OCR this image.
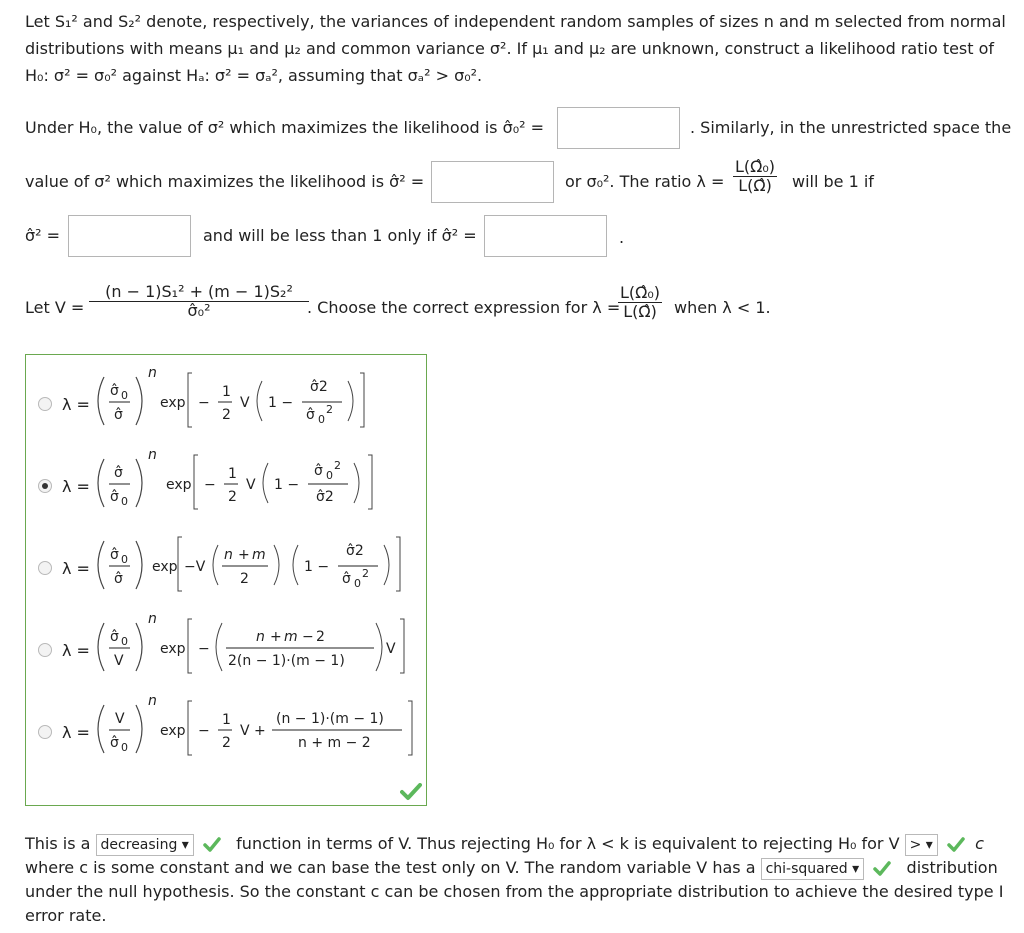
Let S₁² and S₂² denote, respectively, the variances of independent random samples of sizes n and m selected from normal
distributions with means μ₁ and μ₂ and common variance σ². If μ₁ and μ₂ are unknown, construct a likelihood ratio test of
H₀: σ² = σ₀² against Hₐ: σ² = σₐ², assuming that σₐ² > σ₀².
Under H₀, the value of σ² which maximizes the likelihood is σ̂₀² =	. Similarly, in the unrestricted space the
value of σ² which maximizes the likelihood is σ̂² =	or σ₀². The ratio $\lambda = \frac{\text{L(Ω̂₀)}}{L(\Omegâ)}$ will be 1 if
σ̂² =	and will be less than 1 only if σ̂² =	.
Let $V = \frac{\text{(n − 1)S₁² + (m − 1)S₂²}}{\text{σ̂₀²}}$
. Choose the correct expression for λ =
$\frac{\text{L(Ω̂₀)}}{L(\Omegâ)}$ when λ < 1.
λ =
σ̂ 0
σ̂
n
exp −
1
2
V 1 −
σ̂2
σ̂ 0
2
λ =
σ̂
σ̂ 0
n
exp −
1
2
V 1 −
σ̂ 0
2
σ̂2
λ =
σ̂ 0
σ̂
exp −V
n + m
2
1 −
σ̂2
σ̂ 0
2
λ =
σ̂ 0
V
n
exp −
n + m − 2
2(n − 1)·(m − 1)
V
λ =
V
σ̂ 0
n
exp −
1
2
V +
(n − 1)·(m − 1)
n + m − 2

This is a decreasing ▾	function in terms of V. Thus rejecting H₀ for λ < k is equivalent to rejecting H₀ for V > ▾	c

where c is some constant and we can base the test only on V. The random variable V has a chi-squared ▾	distribution

under the null hypothesis. So the constant c can be chosen from the appropriate distribution to achieve the desired type I

error rate.
